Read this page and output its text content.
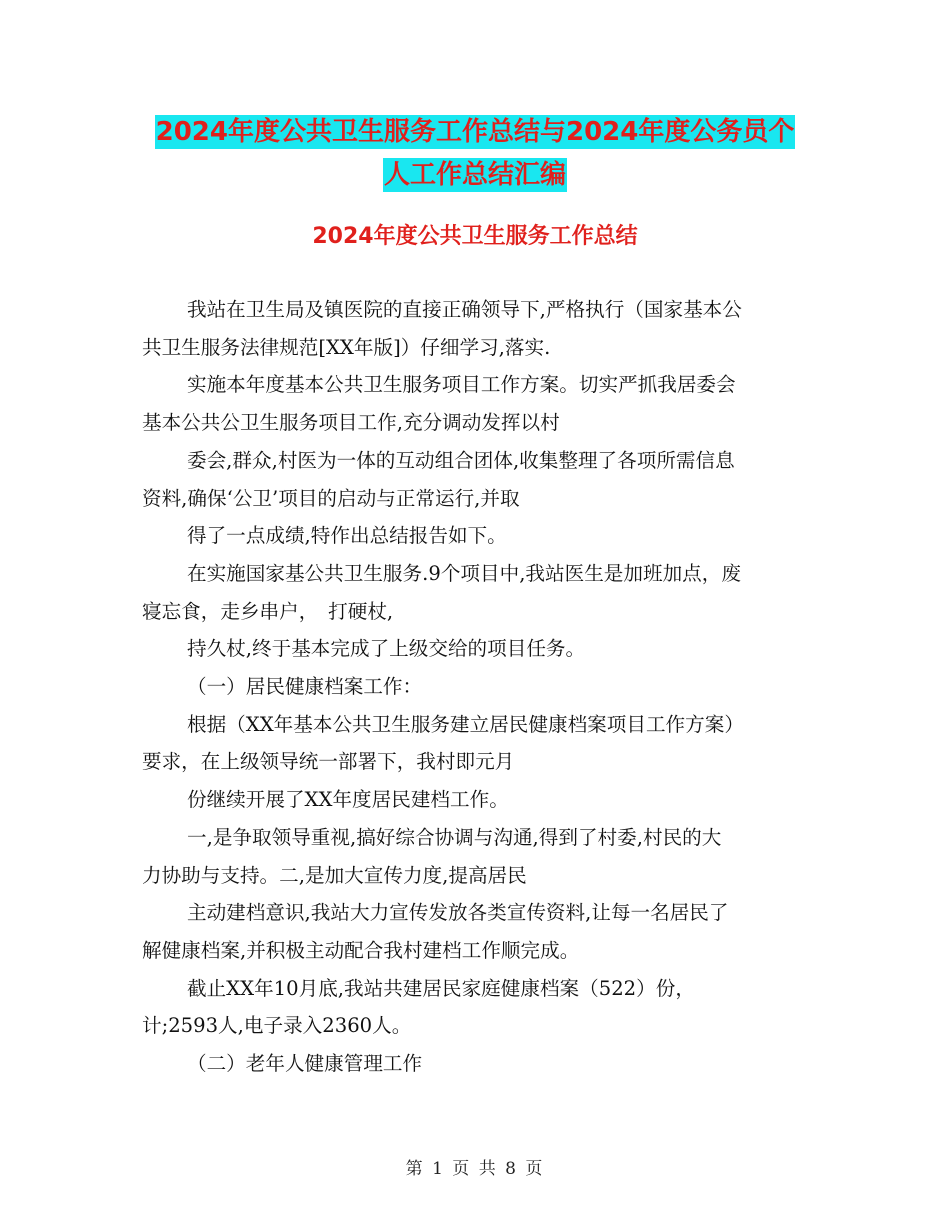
2024年度公共卫生服务工作总结与2024年度公务员个
人工作总结汇编
2024年度公共卫生服务工作总结

我站在卫生局及镇医院的直接正确领导下,严格执行（国家基本公

共卫生服务法律规范[XX年版]）仔细学习,落实.

实施本年度基本公共卫生服务项目工作方案。切实严抓我居委会

基本公共公卫生服务项目工作,充分调动发挥以村

委会,群众,村医为一体的互动组合团体,收集整理了各项所需信息

资料,确保‘公卫’项目的启动与正常运行,并取

得了一点成绩,特作出总结报告如下。

在实施国家基公共卫生服务.9个项目中,我站医生是加班加点，废

寝忘食，走乡串户，　打硬杖,

持久杖,终于基本完成了上级交给的项目任务。

（一）居民健康档案工作：

根据（XX年基本公共卫生服务建立居民健康档案项目工作方案）

要求，在上级领导统一部署下，我村即元月

份继续开展了XX年度居民建档工作。

一,是争取领导重视,搞好综合协调与沟通,得到了村委,村民的大

力协助与支持。二,是加大宣传力度,提高居民

主动建档意识,我站大力宣传发放各类宣传资料,让每一名居民了

解健康档案,并积极主动配合我村建档工作顺完成。

截止XX年10月底,我站共建居民家庭健康档案（522）份，

计;2593人,电子录入2360人。

（二）老年人健康管理工作

第 1 页 共 8 页
